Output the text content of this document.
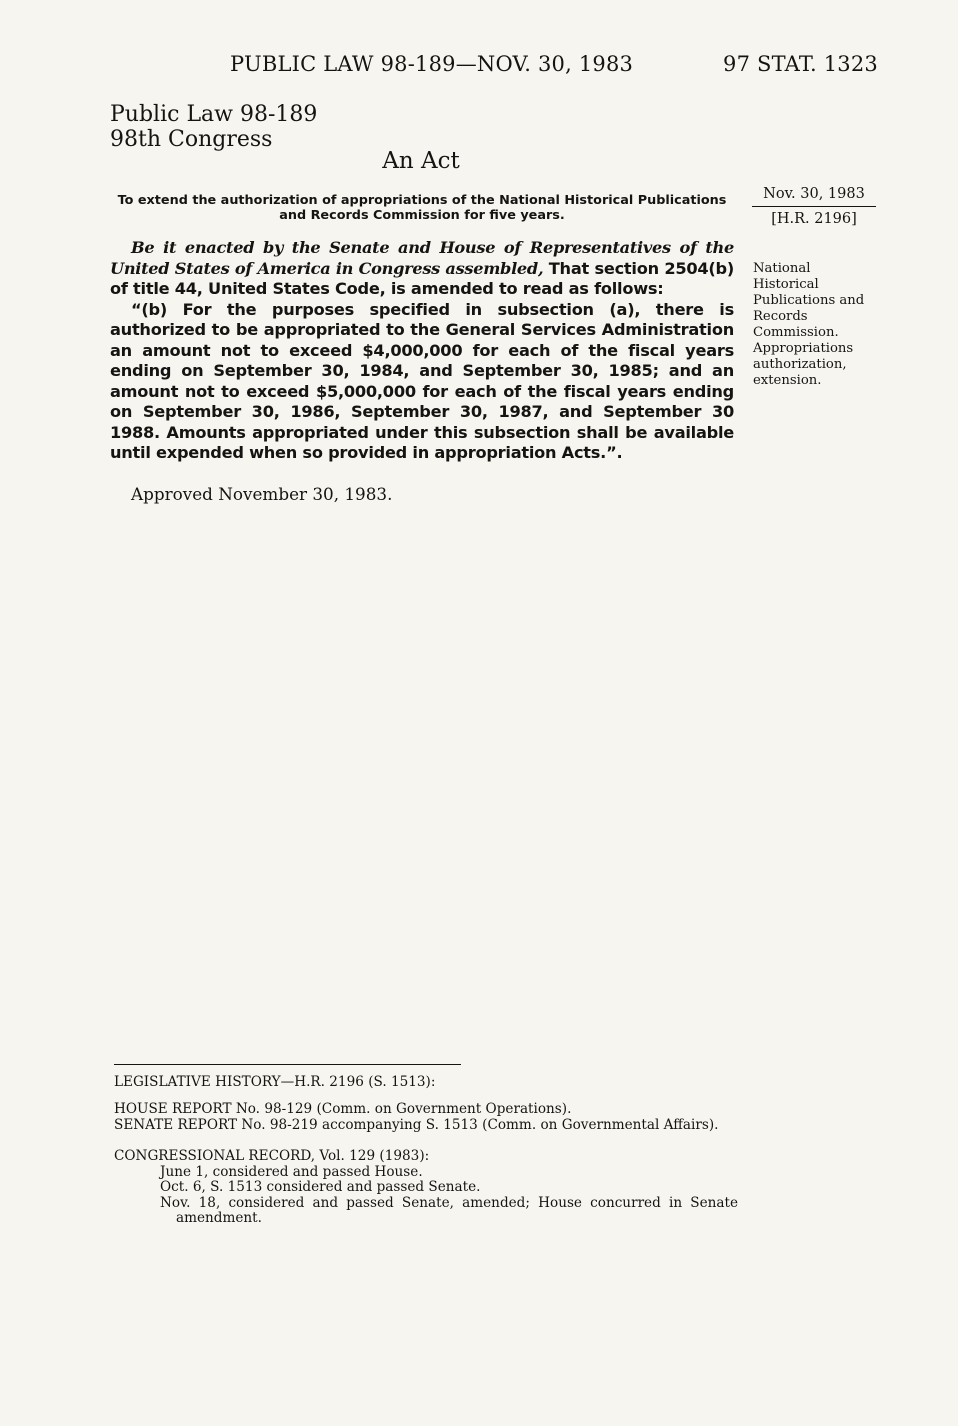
PUBLIC LAW 98-189—NOV. 30, 1983	97 STAT. 1323
Public Law 98-189
98th Congress
An Act
To extend the authorization of appropriations of the National Historical Publications and Records Commission for five years.
Nov. 30, 1983
[H.R. 2196]

Be it enacted by the Senate and House of Representatives of the United States of America in Congress assembled, That section 2504(b) of title 44, United States Code, is amended to read as follows:

“(b) For the purposes specified in subsection (a), there is authorized to be appropriated to the General Services Administration an amount not to exceed $4,000,000 for each of the fiscal years ending on September 30, 1984, and September 30, 1985; and an amount not to exceed $5,000,000 for each of the fiscal years ending on September 30, 1986, September 30, 1987, and September 30 1988. Amounts appropriated under this subsection shall be available until expended when so provided in appropriation Acts.”.

National
Historical
Publications and
Records
Commission.
Appropriations
authorization,
extension.
Approved November 30, 1983.
LEGISLATIVE HISTORY—H.R. 2196 (S. 1513):
HOUSE REPORT No. 98-129 (Comm. on Government Operations).
SENATE REPORT No. 98-219 accompanying S. 1513 (Comm. on Governmental Affairs).
CONGRESSIONAL RECORD, Vol. 129 (1983):
June 1, considered and passed House.
Oct. 6, S. 1513 considered and passed Senate.
Nov. 18, considered and passed Senate, amended; House concurred in Senate amendment.
